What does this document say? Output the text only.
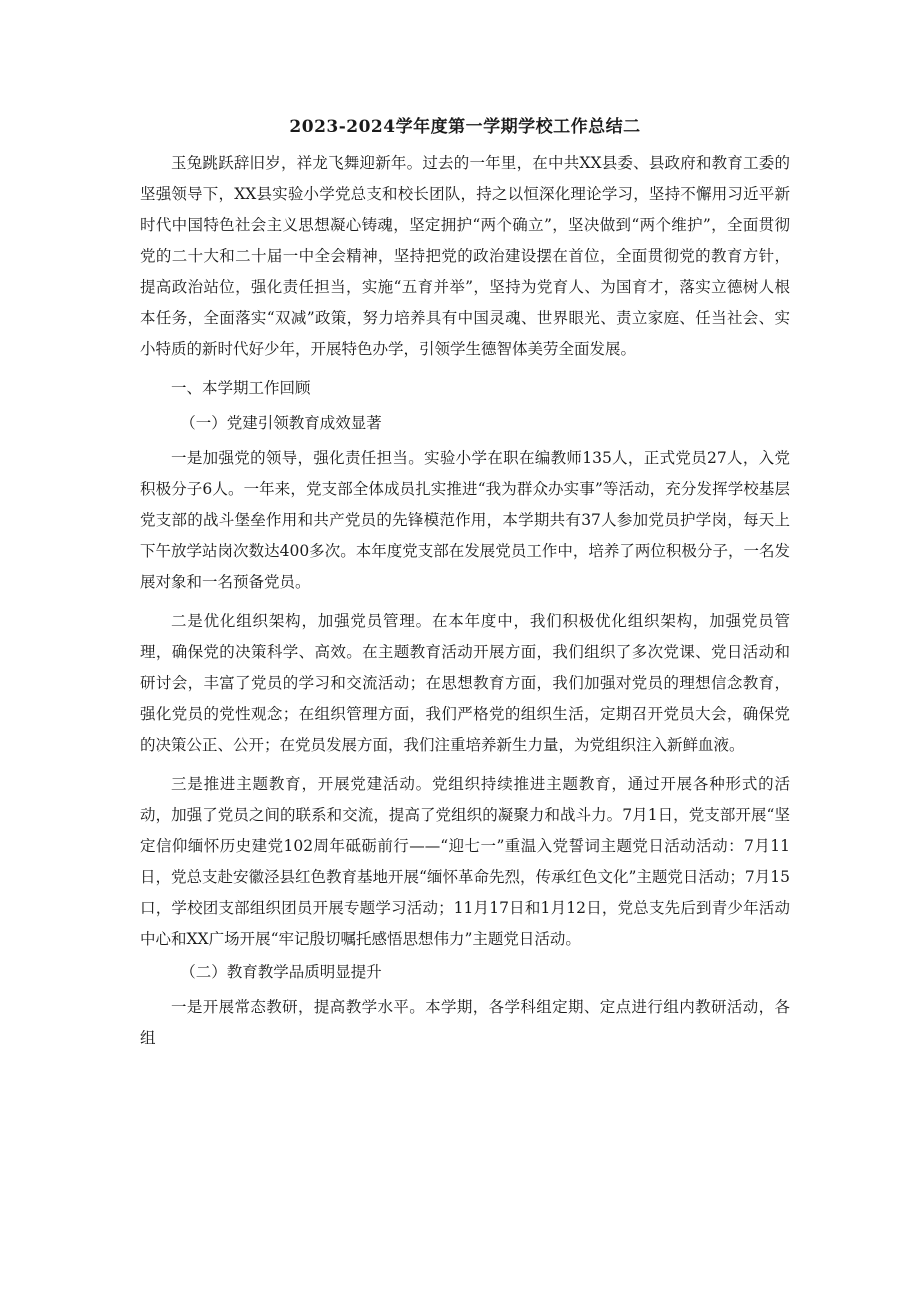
2023-2024学年度第一学期学校工作总结二

玉兔跳跃辞旧岁，祥龙飞舞迎新年。过去的一年里，在中共XX县委、县政府和教育工委的坚强领导下，XX县实验小学党总支和校长团队，持之以恒深化理论学习，坚持不懈用习近平新时代中国特色社会主义思想凝心铸魂，坚定拥护“两个确立”，坚决做到“两个维护”，全面贯彻党的二十大和二十届一中全会精神，坚持把党的政治建设摆在首位，全面贯彻党的教育方针，提高政治站位，强化责任担当，实施“五育并举”，坚持为党育人、为国育才，落实立德树人根本任务，全面落实“双减”政策，努力培养具有中国灵魂、世界眼光、责立家庭、任当社会、实小特质的新时代好少年，开展特色办学，引领学生德智体美劳全面发展。

一、本学期工作回顾

（一）党建引领教育成效显著

一是加强党的领导，强化责任担当。实验小学在职在编教师135人，正式党员27人，入党积极分子6人。一年来，党支部全体成员扎实推进“我为群众办实事”等活动，充分发挥学校基层党支部的战斗堡垒作用和共产党员的先锋模范作用，本学期共有37人参加党员护学岗，每天上下午放学站岗次数达400多次。本年度党支部在发展党员工作中，培养了两位积极分子，一名发展对象和一名预备党员。

二是优化组织架构，加强党员管理。在本年度中，我们积极优化组织架构，加强党员管理，确保党的决策科学、高效。在主题教育活动开展方面，我们组织了多次党课、党日活动和研讨会，丰富了党员的学习和交流活动；在思想教育方面，我们加强对党员的理想信念教育，强化党员的党性观念；在组织管理方面，我们严格党的组织生活，定期召开党员大会，确保党的决策公正、公开；在党员发展方面，我们注重培养新生力量，为党组织注入新鲜血液。

三是推进主题教育，开展党建活动。党组织持续推进主题教育，通过开展各种形式的活动，加强了党员之间的联系和交流，提高了党组织的凝聚力和战斗力。7月1日，党支部开展“坚定信仰缅怀历史建党102周年砥砺前行——“迎七一”重温入党誓词主题党日活动活动：7月11日，党总支赴安徽泾县红色教育基地开展“缅怀革命先烈，传承红色文化”主题党日活动；7月15口，学校团支部组织团员开展专题学习活动；11月17日和1月12日，党总支先后到青少年活动中心和XX广场开展“牢记殷切嘱托感悟思想伟力”主题党日活动。

（二）教育教学品质明显提升

一是开展常态教研，提高教学水平。本学期，各学科组定期、定点进行组内教研活动，各组
